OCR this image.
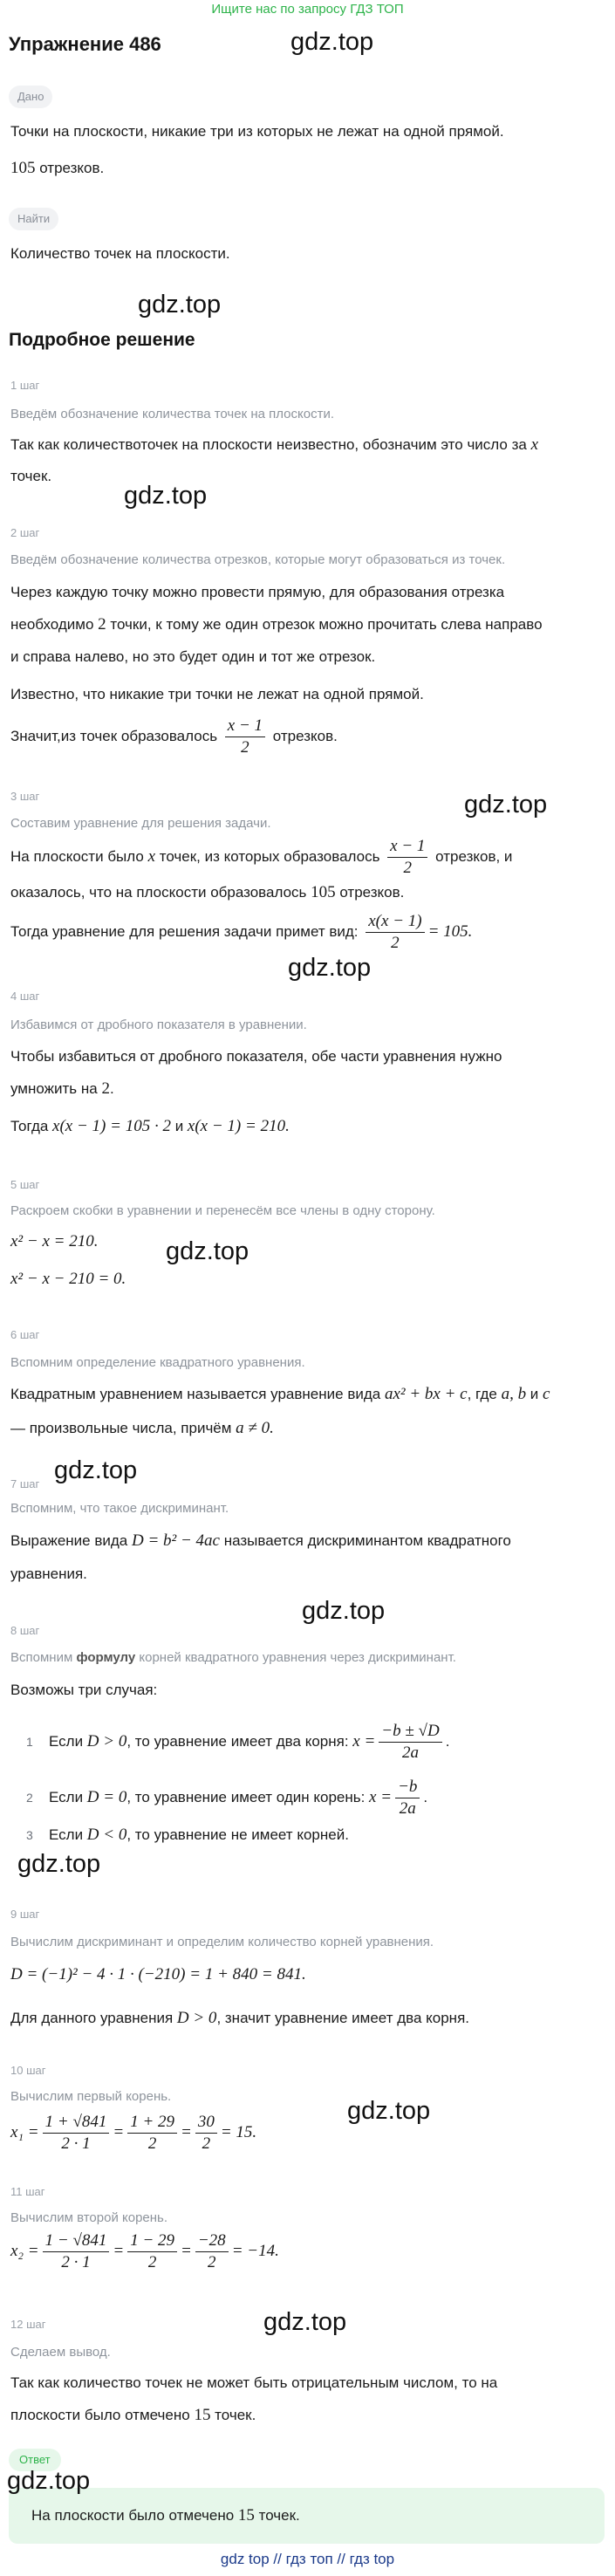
Ищите нас по запросу ГДЗ ТОП
Упражнение 486	gdz.top
Дано
Точки на плоскости, никакие три из которых не лежат на одной прямой.
105 отрезков.
Найти
Количество точек на плоскости.
gdz.top
Подробное решение
1 шаг
Введём обозначение количества точек на плоскости.
Так как количествоточек на плоскости неизвестно, обозначим это число за x
точек.
gdz.top
2 шаг
Введём обозначение количества отрезков, которые могут образоваться из точек.
Через каждую точку можно провести прямую, для образования отрезка
необходимо 2 точки, к тому же один отрезок можно прочитать слева направо
и справа налево, но это будет один и тот же отрезок.
Известно, что никакие три точки не лежат на одной прямой.
Значит,из точек образовалось $\frac{x - 1}{2}$ отрезков.
gdz.top
3 шаг
Составим уравнение для решения задачи.
На плоскости было x точек, из которых образовалось $\frac{x - 1}{2}$ отрезков, и
оказалось, что на плоскости образовалось 105 отрезков.
Тогда уравнение для решения задачи примет вид: $\frac{x(x - 1)}{2} = 105$.
gdz.top
4 шаг
Избавимся от дробного показателя в уравнении.
Чтобы избавиться от дробного показателя, обе части уравнения нужно
умножить на 2.
Тогда x(x − 1) = 105 · 2 и x(x − 1) = 210.
5 шаг
Раскроем скобки в уравнении и перенесём все члены в одну сторону.
x² − x = 210.
x² − x − 210 = 0.
gdz.top
6 шаг
Вспомним определение квадратного уравнения.
Квадратным уравнением называется уравнение вида ax² + bx + c, где a, b и c
— произвольные числа, причём a ≠ 0.
gdz.top
7 шаг
Вспомним, что такое дискриминант.
Выражение вида D = b² − 4ac называется дискриминантом квадратного
уравнения.
gdz.top
8 шаг
Вспомним формулу корней квадратного уравнения через дискриминант.
Возможы три случая:
1 Если D > 0, то уравнение имеет два корня: $x = \frac{-b \pm √D}{2a}$ .
2 Если D = 0, то уравнение имеет один корень: $x = \frac{-b}{2a}$ .
3 Если D < 0, то уравнение не имеет корней.
gdz.top
9 шаг
Вычислим дискриминант и определим количество корней уравнения.
D = (−1)² − 4 · 1 · (−210) = 1 + 840 = 841.
Для данного уравнения D > 0, значит уравнение имеет два корня.
10 шаг
Вычислим первый корень.
$x_1 = \frac{1 + √841}{2 \cdot 1} = \frac{1 + 29}{2} = \frac{30}{2} = 15$.
gdz.top
11 шаг
Вычислим второй корень.
$x_2 = \frac{1 - √841}{2 \cdot 1} = \frac{1 - 29}{2} = \frac{-28}{2} = -14$.
gdz.top
12 шаг
Сделаем вывод.
Так как количество точек не может быть отрицательным числом, то на
плоскости было отмечено 15 точек.
Ответ
На плоскости было отмечено 15 точек.
gdz.top
gdz top // гдз топ // гдз top
